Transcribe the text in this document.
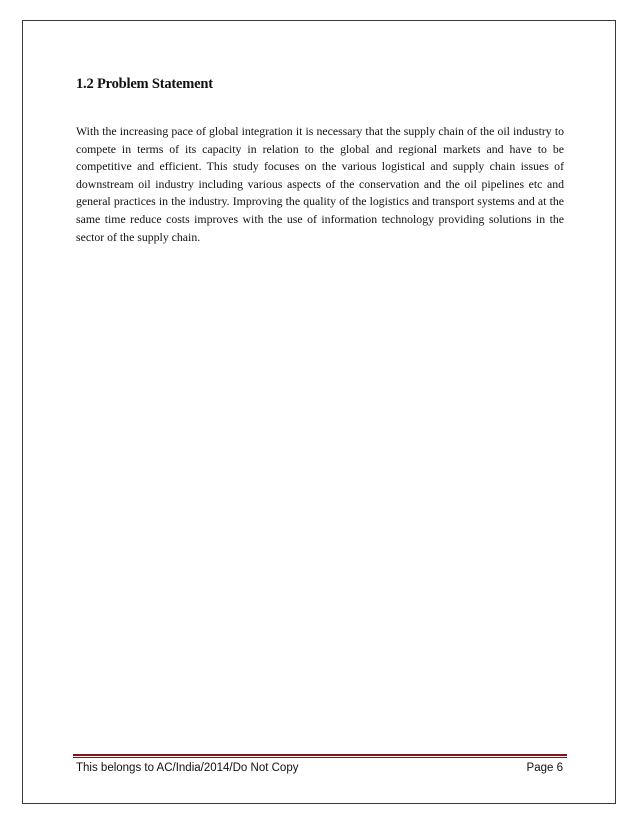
1.2 Problem Statement

With the increasing pace of global integration it is necessary that the supply chain of the oil industry to compete in terms of its capacity in relation to the global and regional markets and have to be competitive and efficient. This study focuses on the various logistical and supply chain issues of downstream oil industry including various aspects of the conservation and the oil pipelines etc and general practices in the industry. Improving the quality of the logistics and transport systems and at the same time reduce costs improves with the use of information technology providing solutions in the sector of the supply chain.

This belongs to AC/India/2014/Do Not Copy	Page 6
